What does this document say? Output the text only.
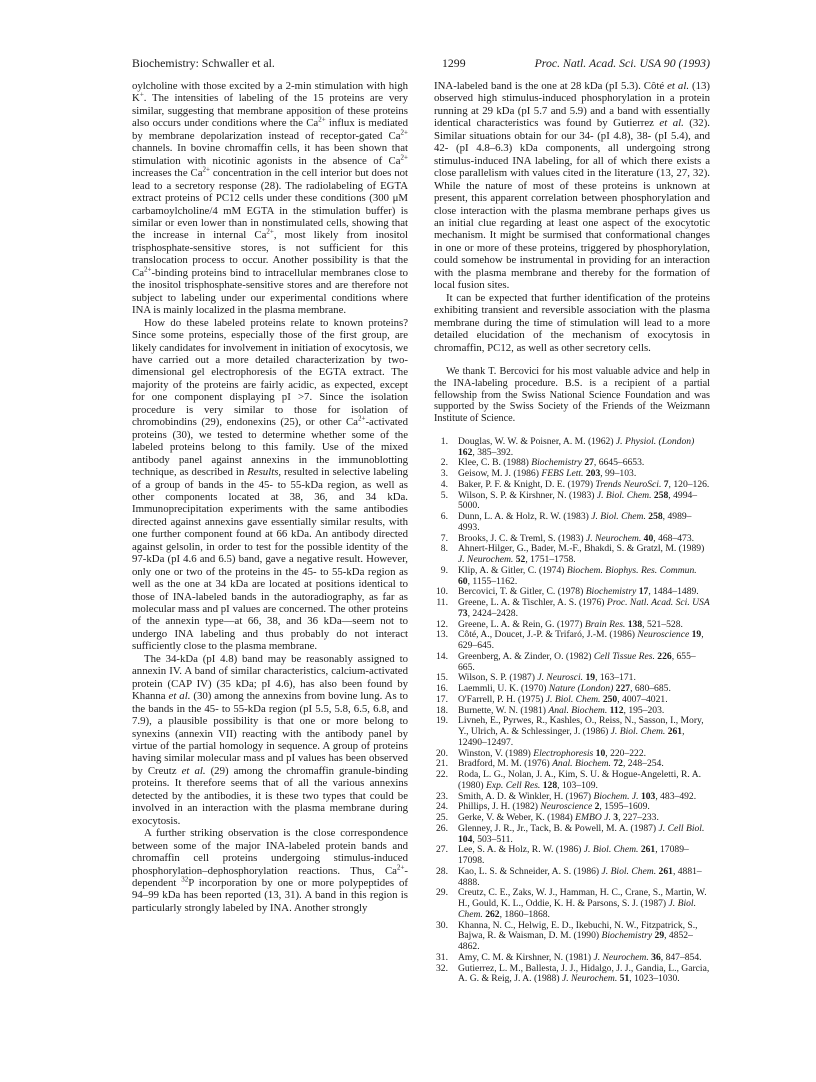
Biochemistry: Schwaller et al.	1299	Proc. Natl. Acad. Sci. USA 90 (1993)

oylcholine with those excited by a 2-min stimulation with high K+. The intensities of labeling of the 15 proteins are very similar, suggesting that membrane apposition of these proteins also occurs under conditions where the $Ca^{2+}$ influx is mediated by membrane depolarization instead of receptor-gated $Ca^{2+}$ channels. In bovine chromaffin cells, it has been shown that stimulation with nicotinic agonists in the absence of $Ca^{2+}$ increases the $Ca^{2+}$ concentration in the cell interior but does not lead to a secretory response (28). The radiolabeling of EGTA extract proteins of PC12 cells under these conditions (300 μM carbamoylcholine/4 mM EGTA in the stimulation buffer) is similar or even lower than in nonstimulated cells, showing that the increase in internal $Ca^{2+}$, most likely from inositol trisphosphate-sensitive stores, is not sufficient for this translocation process to occur. Another possibility is that the $Ca^{2+}$-binding proteins bind to intracellular membranes close to the inositol trisphosphate-sensitive stores and are therefore not subject to labeling under our experimental conditions where INA is mainly localized in the plasma membrane.

How do these labeled proteins relate to known proteins? Since some proteins, especially those of the first group, are likely candidates for involvement in initiation of exocytosis, we have carried out a more detailed characterization by two-dimensional gel electrophoresis of the EGTA extract. The majority of the proteins are fairly acidic, as expected, except for one component displaying pI >7. Since the isolation procedure is very similar to those for isolation of chromobindins (29), endonexins (25), or other $Ca^{2+}$-activated proteins (30), we tested to determine whether some of the labeled proteins belong to this family. Use of the mixed antibody panel against annexins in the immunoblotting technique, as described in Results, resulted in selective labeling of a group of bands in the 45- to 55-kDa region, as well as other components located at 38, 36, and 34 kDa. Immunoprecipitation experiments with the same antibodies directed against annexins gave essentially similar results, with one further component found at 66 kDa. An antibody directed against gelsolin, in order to test for the possible identity of the 97-kDa (pI 4.6 and 6.5) band, gave a negative result. However, only one or two of the proteins in the 45- to 55-kDa region as well as the one at 34 kDa are located at positions identical to those of INA-labeled bands in the autoradiography, as far as molecular mass and pI values are concerned. The other proteins of the annexin type—at 66, 38, and 36 kDa—seem not to undergo INA labeling and thus probably do not interact sufficiently close to the plasma membrane.

The 34-kDa (pI 4.8) band may be reasonably assigned to annexin IV. A band of similar characteristics, calcium-activated protein (CAP IV) (35 kDa; pI 4.6), has also been found by Khanna et al. (30) among the annexins from bovine lung. As to the bands in the 45- to 55-kDa region (pI 5.5, 5.8, 6.5, 6.8, and 7.9), a plausible possibility is that one or more belong to synexins (annexin VII) reacting with the antibody panel by virtue of the partial homology in sequence. A group of proteins having similar molecular mass and pI values has been observed by Creutz et al. (29) among the chromaffin granule-binding proteins. It therefore seems that of all the various annexins detected by the antibodies, it is these two types that could be involved in an interaction with the plasma membrane during exocytosis.

A further striking observation is the close correspondence between some of the major INA-labeled protein bands and chromaffin cell proteins undergoing stimulus-induced phosphorylation–dephosphorylation reactions. Thus, $Ca^{2+}$-dependent $^{32}$P incorporation by one or more polypeptides of 94–99 kDa has been reported (13, 31). A band in this region is particularly strongly labeled by INA. Another strongly

INA-labeled band is the one at 28 kDa (pI 5.3). Côté et al. (13) observed high stimulus-induced phosphorylation in a protein running at 29 kDa (pI 5.7 and 5.9) and a band with essentially identical characteristics was found by Gutierrez et al. (32). Similar situations obtain for our 34- (pI 4.8), 38- (pI 5.4), and 42- (pI 4.8–6.3) kDa components, all undergoing strong stimulus-induced INA labeling, for all of which there exists a close parallelism with values cited in the literature (13, 27, 32). While the nature of most of these proteins is unknown at present, this apparent correlation between phosphorylation and close interaction with the plasma membrane perhaps gives us an initial clue regarding at least one aspect of the exocytotic mechanism. It might be surmised that conformational changes in one or more of these proteins, triggered by phosphorylation, could somehow be instrumental in providing for an interaction with the plasma membrane and thereby for the formation of local fusion sites.

It can be expected that further identification of the proteins exhibiting transient and reversible association with the plasma membrane during the time of stimulation will lead to a more detailed elucidation of the mechanism of exocytosis in chromaffin, PC12, as well as other secretory cells.

We thank T. Bercovici for his most valuable advice and help in the INA-labeling procedure. B.S. is a recipient of a partial fellowship from the Swiss National Science Foundation and was supported by the Swiss Society of the Friends of the Weizmann Institute of Science.

1. Douglas, W. W. & Poisner, A. M. (1962) J. Physiol. (London) 162, 385–392.
2. Klee, C. B. (1988) Biochemistry 27, 6645–6653.
3. Geisow, M. J. (1986) FEBS Lett. 203, 99–103.
4. Baker, P. F. & Knight, D. E. (1979) Trends NeuroSci. 7, 120–126.
5. Wilson, S. P. & Kirshner, N. (1983) J. Biol. Chem. 258, 4994–5000.
6. Dunn, L. A. & Holz, R. W. (1983) J. Biol. Chem. 258, 4989–4993.
7. Brooks, J. C. & Treml, S. (1983) J. Neurochem. 40, 468–473.
8. Ahnert-Hilger, G., Bader, M.-F., Bhakdi, S. & Gratzl, M. (1989) J. Neurochem. 52, 1751–1758.
9. Klip, A. & Gitler, C. (1974) Biochem. Biophys. Res. Commun. 60, 1155–1162.
10. Bercovici, T. & Gitler, C. (1978) Biochemistry 17, 1484–1489.
11. Greene, L. A. & Tischler, A. S. (1976) Proc. Natl. Acad. Sci. USA 73, 2424–2428.
12. Greene, L. A. & Rein, G. (1977) Brain Res. 138, 521–528.
13. Côté, A., Doucet, J.-P. & Trifaró, J.-M. (1986) Neuroscience 19, 629–645.
14. Greenberg, A. & Zinder, O. (1982) Cell Tissue Res. 226, 655–665.
15. Wilson, S. P. (1987) J. Neurosci. 19, 163–171.
16. Laemmli, U. K. (1970) Nature (London) 227, 680–685.
17. O'Farrell, P. H. (1975) J. Biol. Chem. 250, 4007–4021.
18. Burnette, W. N. (1981) Anal. Biochem. 112, 195–203.
19. Livneh, E., Pyrwes, R., Kashles, O., Reiss, N., Sasson, I., Mory, Y., Ulrich, A. & Schlessinger, J. (1986) J. Biol. Chem. 261, 12490–12497.
20. Winston, V. (1989) Electrophoresis 10, 220–222.
21. Bradford, M. M. (1976) Anal. Biochem. 72, 248–254.
22. Roda, L. G., Nolan, J. A., Kim, S. U. & Hogue-Angeletti, R. A. (1980) Exp. Cell Res. 128, 103–109.
23. Smith, A. D. & Winkler, H. (1967) Biochem. J. 103, 483–492.
24. Phillips, J. H. (1982) Neuroscience 2, 1595–1609.
25. Gerke, V. & Weber, K. (1984) EMBO J. 3, 227–233.
26. Glenney, J. R., Jr., Tack, B. & Powell, M. A. (1987) J. Cell Biol. 104, 503–511.
27. Lee, S. A. & Holz, R. W. (1986) J. Biol. Chem. 261, 17089–17098.
28. Kao, L. S. & Schneider, A. S. (1986) J. Biol. Chem. 261, 4881–4888.
29. Creutz, C. E., Zaks, W. J., Hamman, H. C., Crane, S., Martin, W. H., Gould, K. L., Oddie, K. H. & Parsons, S. J. (1987) J. Biol. Chem. 262, 1860–1868.
30. Khanna, N. C., Helwig, E. D., Ikebuchi, N. W., Fitzpatrick, S., Bajwa, R. & Waisman, D. M. (1990) Biochemistry 29, 4852–4862.
31. Amy, C. M. & Kirshner, N. (1981) J. Neurochem. 36, 847–854.
32. Gutierrez, L. M., Ballesta, J. J., Hidalgo, J. J., Gandia, L., Garcia, A. G. & Reig, J. A. (1988) J. Neurochem. 51, 1023–1030.
